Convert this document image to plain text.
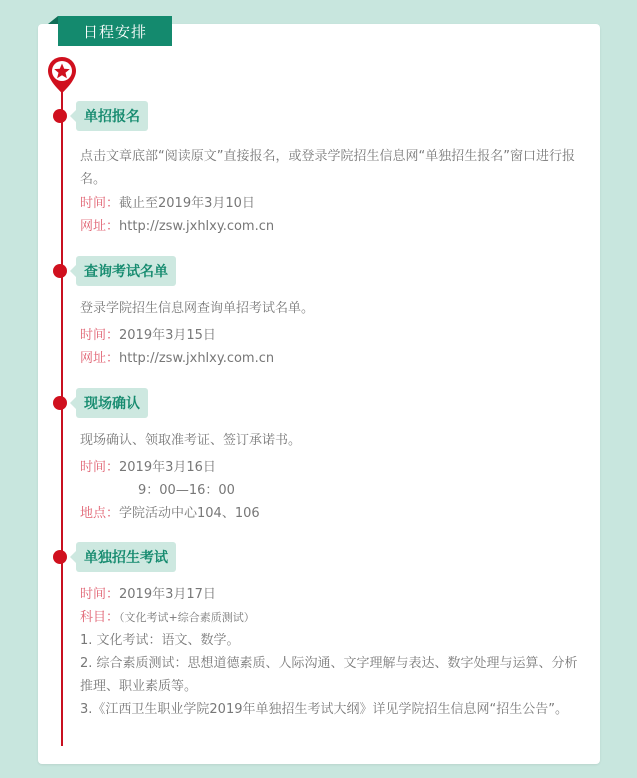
日程安排
单招报名
点击文章底部“阅读原文”直接报名，或登录学院招生信息网“单独招生报名”窗口进行报名。
时间：截止至2019年3月10日
网址：http://zsw.jxhlxy.com.cn
查询考试名单
登录学院招生信息网查询单招考试名单。
时间：2019年3月15日
网址：http://zsw.jxhlxy.com.cn
现场确认
现场确认、领取准考证、签订承诺书。
时间：2019年3月16日
9：00—16：00
地点：学院活动中心104、106
单独招生考试
时间：2019年3月17日
科目：（文化考试+综合素质测试）
1. 文化考试：语文、数学。
2. 综合素质测试：思想道德素质、人际沟通、文字理解与表达、数字处理与运算、分析推理、职业素质等。
3.《江西卫生职业学院2019年单独招生考试大纲》详见学院招生信息网“招生公告”。
